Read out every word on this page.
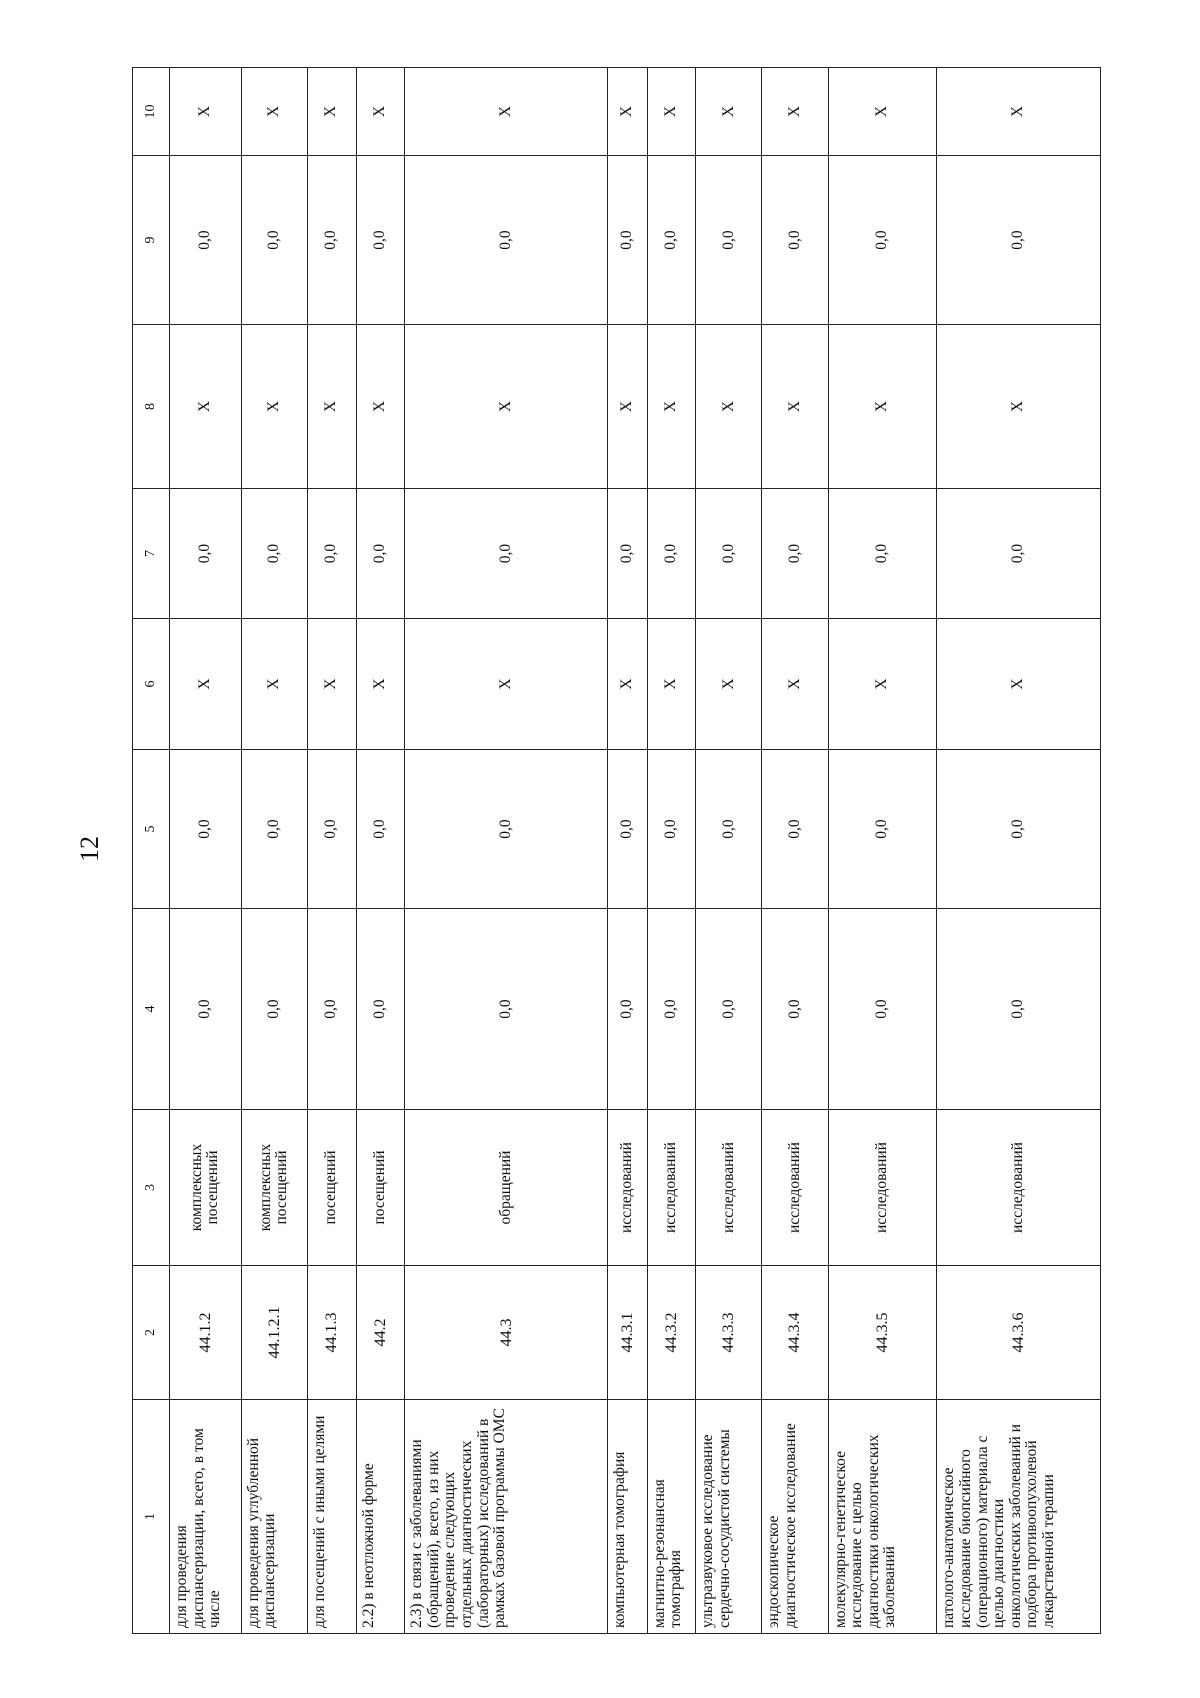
12
1	2	3	4	5	6	7	8	9	10
для проведения диспансеризации, всего, в том числе	44.1.2	комплексных посещений	0,0	0,0	X	0,0	X	0,0	X
для проведения углубленной диспансеризации	44.1.2.1	комплексных посещений	0,0	0,0	X	0,0	X	0,0	X
для посещений с иными целями	44.1.3	посещений	0,0	0,0	X	0,0	X	0,0	X
2.2) в неотложной форме	44.2	посещений	0,0	0,0	X	0,0	X	0,0	X
2.3) в связи с заболеваниями (обращений), всего, из них проведение следующих отдельных диагностических (лабораторных) исследований в рамках базовой программы ОМС	44.3	обращений	0,0	0,0	X	0,0	X	0,0	X
компьютерная томография	44.3.1	исследований	0,0	0,0	X	0,0	X	0,0	X
магнитно-резонансная томография	44.3.2	исследований	0,0	0,0	X	0,0	X	0,0	X
ультразвуковое исследование сердечно-сосудистой системы	44.3.3	исследований	0,0	0,0	X	0,0	X	0,0	X
эндоскопическое диагностическое исследование	44.3.4	исследований	0,0	0,0	X	0,0	X	0,0	X
молекулярно-генетическое исследование с целью диагностики онкологических заболеваний	44.3.5	исследований	0,0	0,0	X	0,0	X	0,0	X
патолого-анатомическое исследование биопсийного (операционного) материала с целью диагностики онкологических заболеваний и подбора противоопухолевой лекарственной терапии	44.3.6	исследований	0,0	0,0	X	0,0	X	0,0	X
